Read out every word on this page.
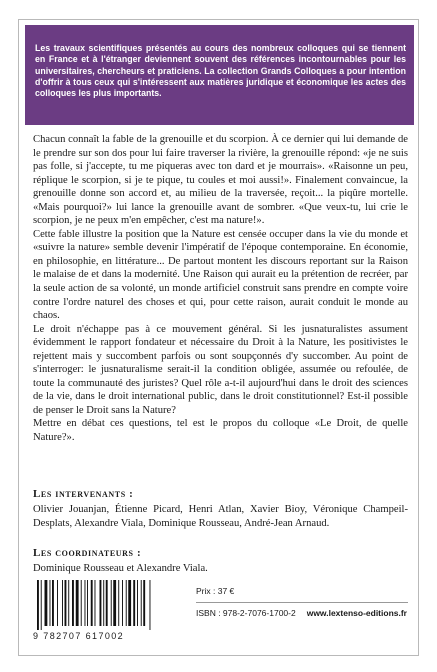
Les travaux scientifiques présentés au cours des nombreux colloques qui se tiennent en France et à l'étranger deviennent souvent des références incontournables pour les universitaires, chercheurs et praticiens. La collection Grands Colloques a pour intention d'offrir à tous ceux qui s'intéressent aux matières juridique et économique les actes des colloques les plus importants.

Chacun connaît la fable de la grenouille et du scorpion. À ce dernier qui lui demande de le prendre sur son dos pour lui faire traverser la rivière, la grenouille répond: «je ne suis pas folle, si j'accepte, tu me piqueras avec ton dard et je mourrais». «Raisonne un peu, réplique le scorpion, si je te pique, tu coules et moi aussi!». Finalement convaincue, la grenouille donne son accord et, au milieu de la traversée, reçoit... la piqûre mortelle. «Mais pourquoi?» lui lance la grenouille avant de sombrer. «Que veux-tu, lui crie le scorpion, je ne peux m'en empêcher, c'est ma nature!».

Cette fable illustre la position que la Nature est censée occuper dans la vie du monde et «suivre la nature» semble devenir l'impératif de l'époque contemporaine. En économie, en philosophie, en littérature... De partout montent les discours reportant sur la Raison le malaise de et dans la modernité. Une Raison qui aurait eu la prétention de recréer, par la seule action de sa volonté, un monde artificiel construit sans prendre en compte voire contre l'ordre naturel des choses et qui, pour cette raison, aurait conduit le monde au chaos.

Le droit n'échappe pas à ce mouvement général. Si les jusnaturalistes assument évidemment le rapport fondateur et nécessaire du Droit à la Nature, les positivistes le rejettent mais y succombent parfois ou sont soupçonnés d'y succomber. Au point de s'interroger: le jusnaturalisme serait-il la condition obligée, assumée ou refoulée, de toute la communauté des juristes? Quel rôle a-t-il aujourd'hui dans le droit des sciences de la vie, dans le droit international public, dans le droit constitutionnel? Est-il possible de penser le Droit sans la Nature?

Mettre en débat ces questions, tel est le propos du colloque «Le Droit, de quelle Nature?».

Les intervenants :
Olivier Jouanjan, Étienne Picard, Henri Atlan, Xavier Bioy, Véronique Champeil-Desplats, Alexandre Viala, Dominique Rousseau, André-Jean Arnaud.
Les coordinateurs :
Dominique Rousseau et Alexandre Viala.
9 782707 617002
Prix : 37 €
ISBN : 978-2-7076-1700-2 www.lextenso-editions.fr
